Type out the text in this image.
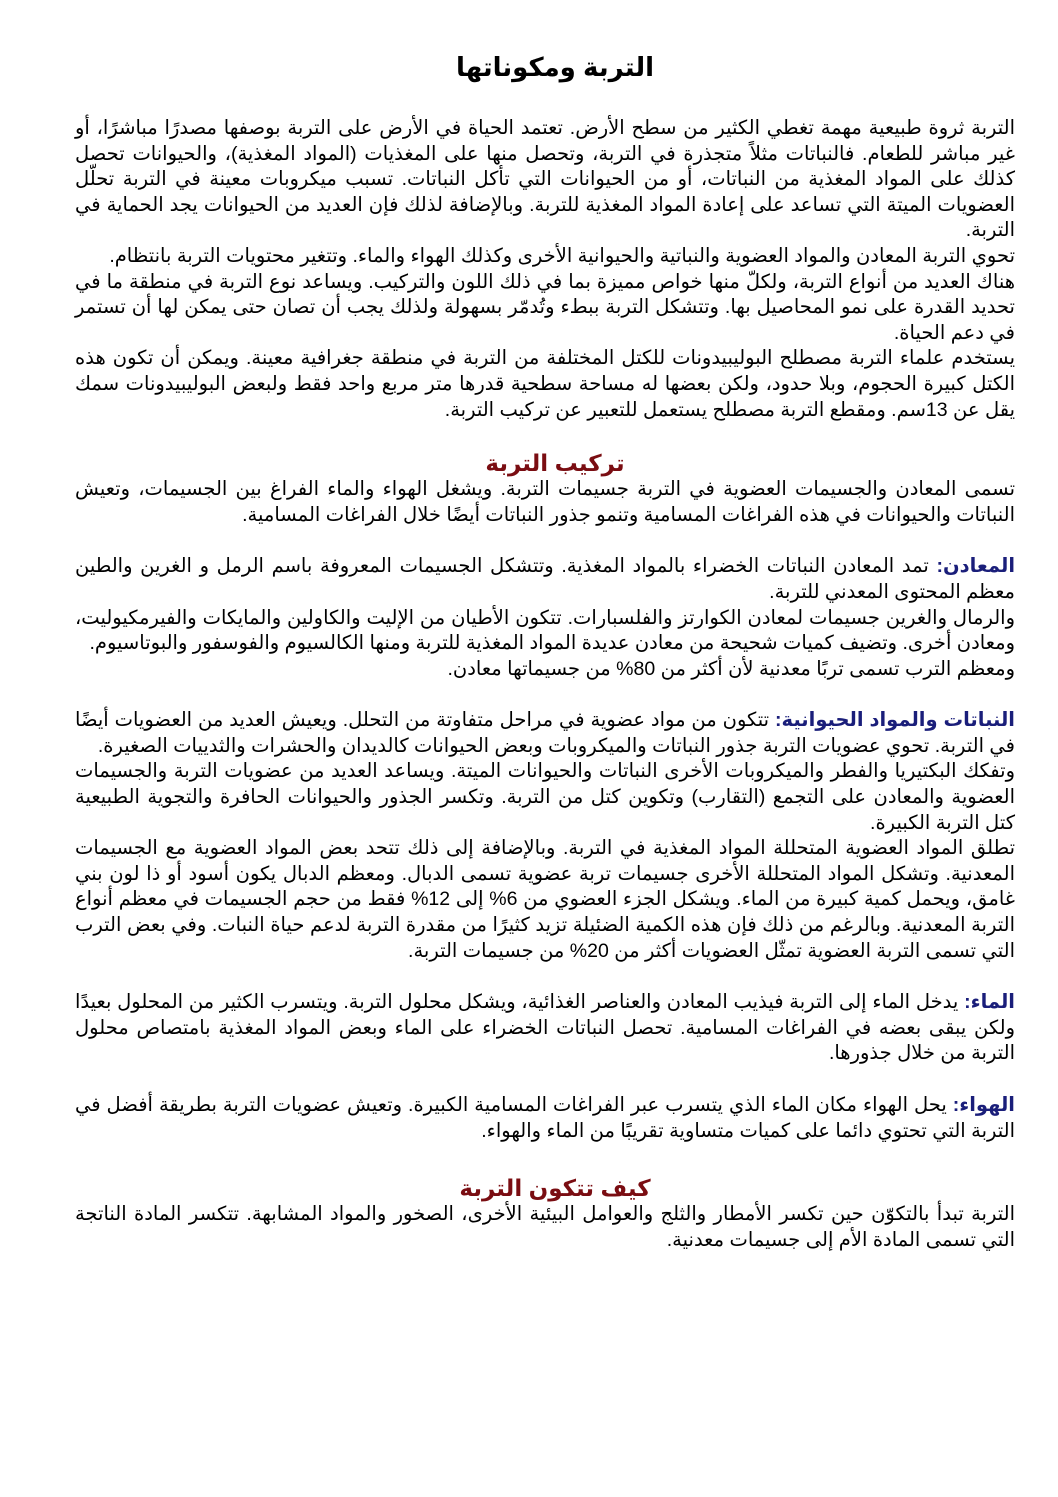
التربة ومكوناتها

التربة ثروة طبيعية مهمة تغطي الكثير من سطح الأرض. تعتمد الحياة في الأرض على التربة بوصفها مصدرًا مباشرًا، أو غير مباشر للطعام. فالنباتات مثلاً متجذرة في التربة، وتحصل منها على المغذيات (المواد المغذية)، والحيوانات تحصل كذلك على المواد المغذية من النباتات، أو من الحيوانات التي تأكل النباتات. تسبب ميكروبات معينة في التربة تحلّل العضويات الميتة التي تساعد على إعادة المواد المغذية للتربة. وبالإضافة لذلك فإن العديد من الحيوانات يجد الحماية في التربة.

تحوي التربة المعادن والمواد العضوية والنباتية والحيوانية الأخرى وكذلك الهواء والماء. وتتغير محتويات التربة بانتظام.

هناك العديد من أنواع التربة، ولكلّ منها خواص مميزة بما في ذلك اللون والتركيب. ويساعد نوع التربة في منطقة ما في تحديد القدرة على نمو المحاصيل بها. وتتشكل التربة ببطء وتُدمّر بسهولة ولذلك يجب أن تصان حتى يمكن لها أن تستمر في دعم الحياة.

يستخدم علماء التربة مصطلح البوليبيدونات للكتل المختلفة من التربة في منطقة جغرافية معينة. ويمكن أن تكون هذه الكتل كبيرة الحجوم، وبلا حدود، ولكن بعضها له مساحة سطحية قدرها متر مربع واحد فقط ولبعض البوليبيدونات سمك يقل عن 13سم. ومقطع التربة مصطلح يستعمل للتعبير عن تركيب التربة.

تركيب التربة

تسمى المعادن والجسيمات العضوية في التربة جسيمات التربة. ويشغل الهواء والماء الفراغ بين الجسيمات، وتعيش النباتات والحيوانات في هذه الفراغات المسامية وتنمو جذور النباتات أيضًا خلال الفراغات المسامية.

المعادن: تمد المعادن النباتات الخضراء بالمواد المغذية. وتتشكل الجسيمات المعروفة باسم الرمل و الغرين والطين معظم المحتوى المعدني للتربة.

والرمال والغرين جسيمات لمعادن الكوارتز والفلسبارات. تتكون الأطيان من الإليت والكاولين والمايكات والفيرمكيوليت، ومعادن أخرى. وتضيف كميات شحيحة من معادن عديدة المواد المغذية للتربة ومنها الكالسيوم والفوسفور والبوتاسيوم.

ومعظم الترب تسمى تربًا معدنية لأن أكثر من 80% من جسيماتها معادن.

النباتات والمواد الحيوانية: تتكون من مواد عضوية في مراحل متفاوتة من التحلل. ويعيش العديد من العضويات أيضًا في التربة. تحوي عضويات التربة جذور النباتات والميكروبات وبعض الحيوانات كالديدان والحشرات والثدييات الصغيرة.

وتفكك البكتيريا والفطر والميكروبات الأخرى النباتات والحيوانات الميتة. ويساعد العديد من عضويات التربة والجسيمات العضوية والمعادن على التجمع (التقارب) وتكوين كتل من التربة. وتكسر الجذور والحيوانات الحافرة والتجوية الطبيعية كتل التربة الكبيرة.

تطلق المواد العضوية المتحللة المواد المغذية في التربة. وبالإضافة إلى ذلك تتحد بعض المواد العضوية مع الجسيمات المعدنية. وتشكل المواد المتحللة الأخرى جسيمات تربة عضوية تسمى الدبال. ومعظم الدبال يكون أسود أو ذا لون بني غامق، ويحمل كمية كبيرة من الماء. ويشكل الجزء العضوي من 6% إلى 12% فقط من حجم الجسيمات في معظم أنواع التربة المعدنية. وبالرغم من ذلك فإن هذه الكمية الضئيلة تزيد كثيرًا من مقدرة التربة لدعم حياة النبات. وفي بعض الترب التي تسمى التربة العضوية تمثّل العضويات أكثر من 20% من جسيمات التربة.

الماء: يدخل الماء إلى التربة فيذيب المعادن والعناصر الغذائية، ويشكل محلول التربة. ويتسرب الكثير من المحلول بعيدًا ولكن يبقى بعضه في الفراغات المسامية. تحصل النباتات الخضراء على الماء وبعض المواد المغذية بامتصاص محلول التربة من خلال جذورها.

الهواء: يحل الهواء مكان الماء الذي يتسرب عبر الفراغات المسامية الكبيرة. وتعيش عضويات التربة بطريقة أفضل في التربة التي تحتوي دائما على كميات متساوية تقريبًا من الماء والهواء.

كيف تتكون التربة

التربة تبدأ بالتكوّن حين تكسر الأمطار والثلج والعوامل البيئية الأخرى، الصخور والمواد المشابهة. تتكسر المادة الناتجة التي تسمى المادة الأم إلى جسيمات معدنية.
